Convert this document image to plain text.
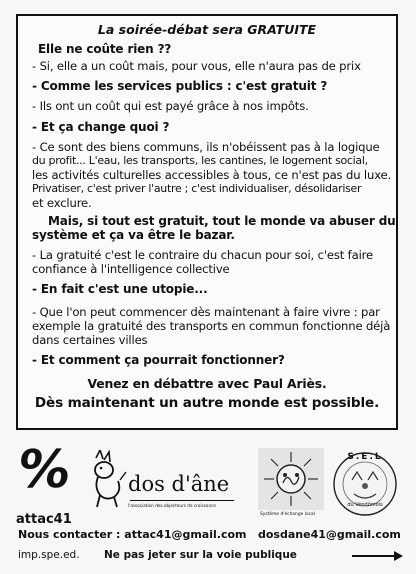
La soirée-débat sera GRATUITE
Elle ne coûte rien ??
- Si, elle a un coût mais, pour vous, elle n'aura pas de prix
- Comme les services publics : c'est gratuit ?
- Ils ont un coût qui est payé grâce à nos impôts.
- Et ça change quoi ?
- Ce sont des biens communs, ils n'obéissent pas à la logique
du profit... L'eau, les transports, les cantines, le logement social,
les activités culturelles accessibles à tous, ce n'est pas du luxe.
Privatiser, c'est priver l'autre ; c'est individualiser, désolidariser
et exclure.
Mais, si tout est gratuit, tout le monde va abuser du
système et ça va être le bazar.
- La gratuité c'est le contraire du chacun pour soi, c'est faire
confiance à l'intelligence collective
- En fait c'est une utopie...
- Que l'on peut commencer dès maintenant à faire vivre : par
exemple la gratuité des transports en commun fonctionne déjà
dans certaines villes
- Et comment ça pourrait fonctionner?
Venez en débattre avec Paul Ariès.
Dès maintenant un autre monde est possible.
%
attac41
dos d'âne
l'association des objecteurs de croissance
Système d'échange local
S.E.L
du Vendômois
Nous contacter : attac41@gmail.com dosdane41@gmail.com
imp.spe.ed. Ne pas jeter sur la voie publique
